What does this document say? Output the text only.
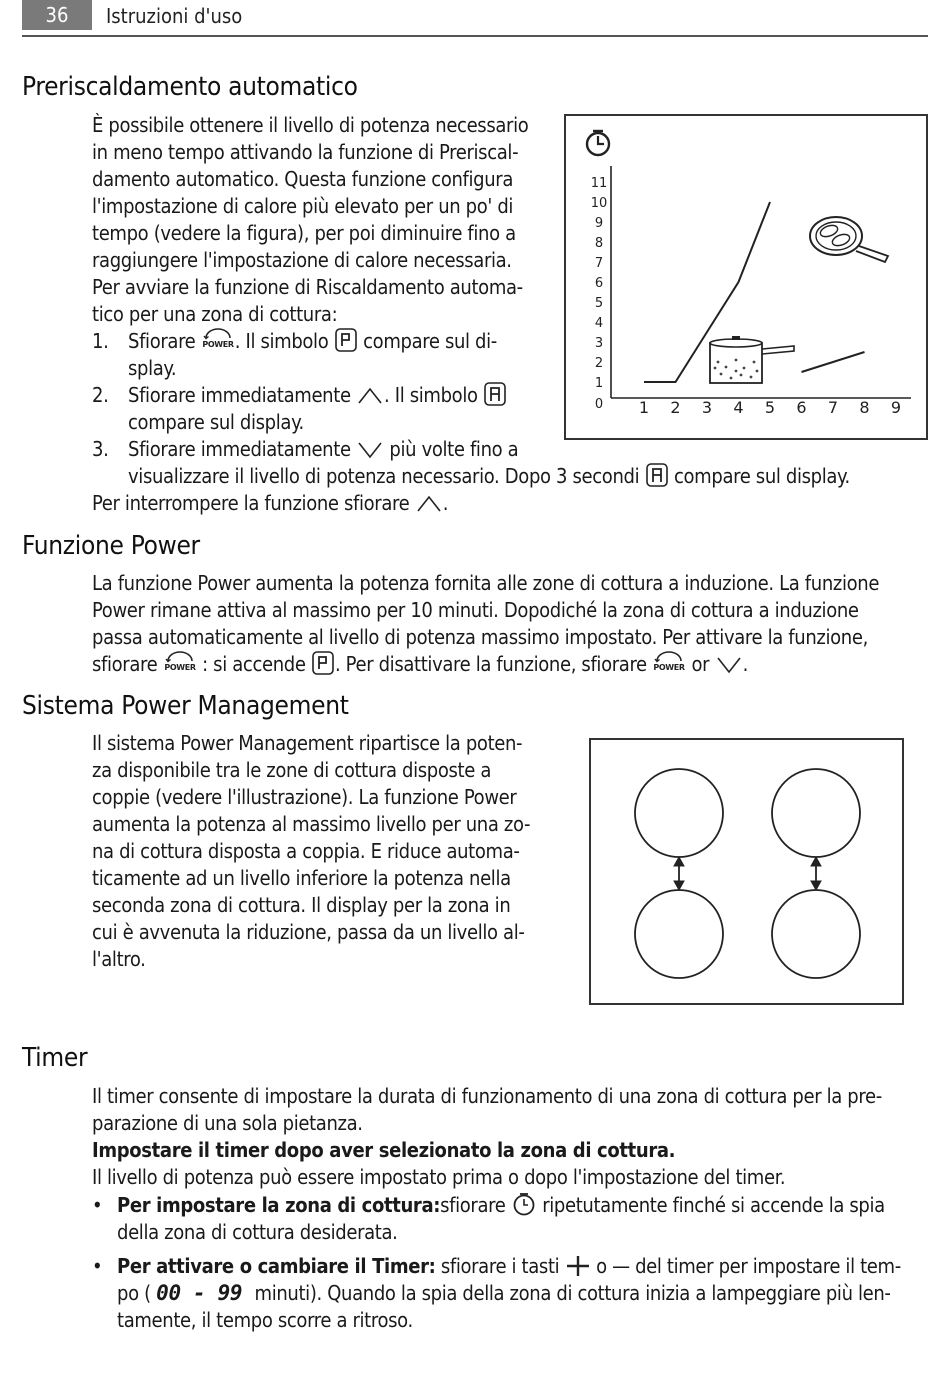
36	Istruzioni d'uso
Preriscaldamento automatico
È possibile ottenere il livello di potenza necessario
in meno tempo attivando la funzione di Preriscal-
damento automatico. Questa funzione configura
l'impostazione di calore più elevato per un po' di
tempo (vedere la figura), per poi diminuire fino a
raggiungere l'impostazione di calore necessaria.
Per avviare la funzione di Riscaldamento automa-
tico per una zona di cottura:
1. Sfiorare POWER . Il simbolo compare sul di-
splay.
2. Sfiorare immediatamente . Il simbolo
compare sul display.
3. Sfiorare immediatamente più volte fino a
visualizzare il livello di potenza necessario. Dopo 3 secondi compare sul display.
Per interrompere la funzione sfiorare .
0
1
2
3
4
5
6
7
8
9
10
11
1 2 3 4 5 6 7 8 9
Funzione Power
La funzione Power aumenta la potenza fornita alle zone di cottura a induzione. La funzione
Power rimane attiva al massimo per 10 minuti. Dopodiché la zona di cottura a induzione
passa automaticamente al livello di potenza massimo impostato. Per attivare la funzione,
sfiorare POWER : si accende . Per disattivare la funzione, sfiorare POWER or .
Sistema Power Management
Il sistema Power Management ripartisce la poten-
za disponibile tra le zone di cottura disposte a
coppie (vedere l'illustrazione). La funzione Power
aumenta la potenza al massimo livello per una zo-
na di cottura disposta a coppia. E riduce automa-
ticamente ad un livello inferiore la potenza nella
seconda zona di cottura. Il display per la zona in
cui è avvenuta la riduzione, passa da un livello al-
l'altro.
Timer
Il timer consente di impostare la durata di funzionamento di una zona di cottura per la pre-
parazione di una sola pietanza.
Impostare il timer dopo aver selezionato la zona di cottura.
Il livello di potenza può essere impostato prima o dopo l'impostazione del timer.
• Per impostare la zona di cottura:sfiorare ripetutamente finché si accende la spia
della zona di cottura desiderata.
• Per attivare o cambiare il Timer: sfiorare i tasti o — del timer per impostare il tem-
po ( 00 - 99 minuti). Quando la spia della zona di cottura inizia a lampeggiare più len-
tamente, il tempo scorre a ritroso.
